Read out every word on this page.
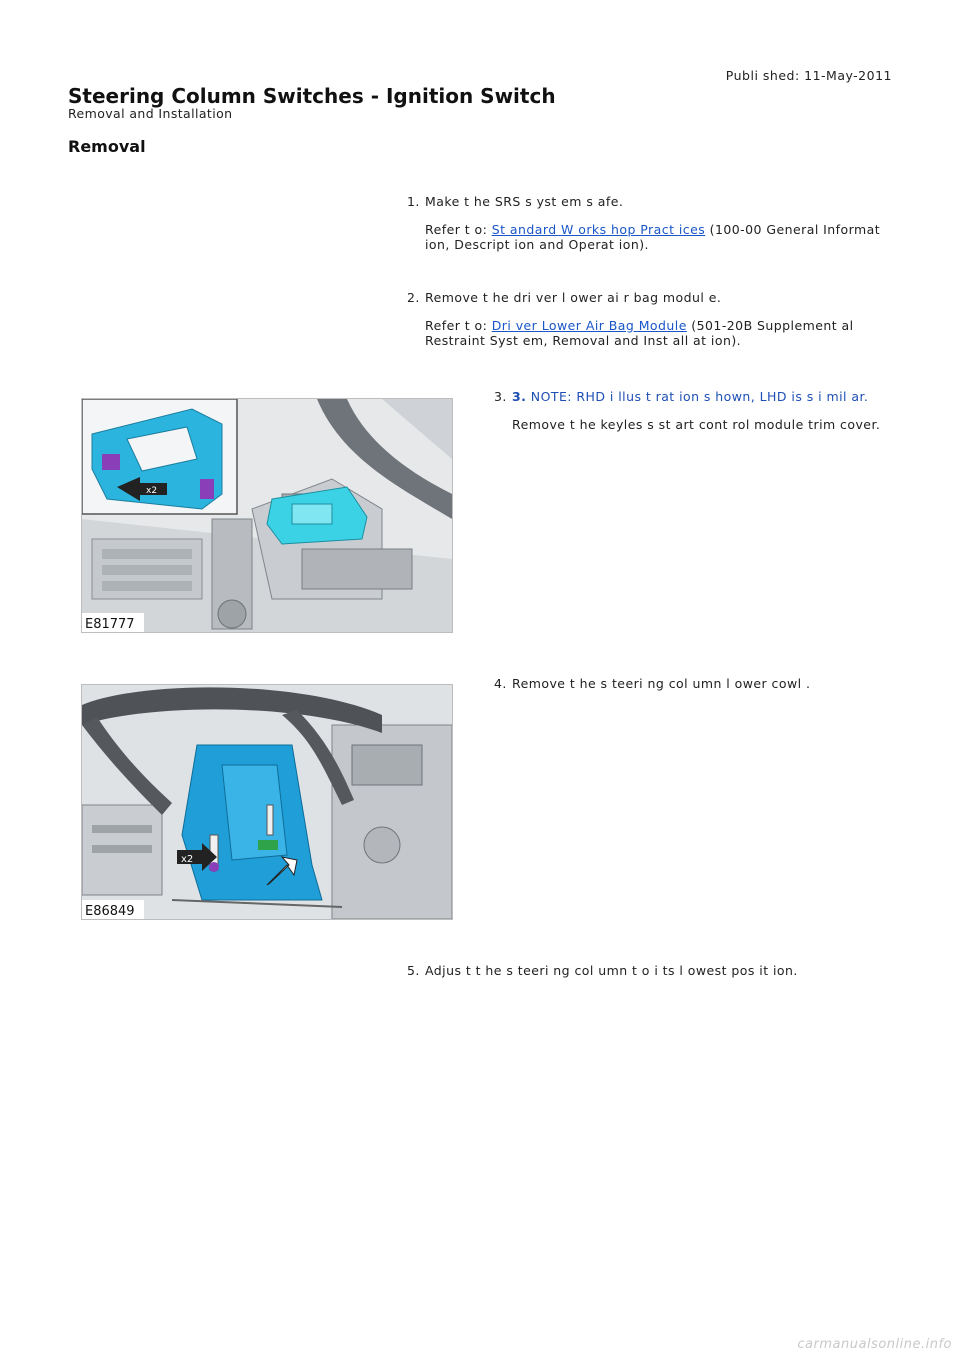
Publi shed: 11-May-2011
Steering Column Switches - Ignition Switch
Removal and Installation
Removal
1. Make t he SRS s yst em s afe.
Refer t o: St andard W orks hop Pract ices (100-00 General Informat ion, Descript ion and Operat ion).
2. Remove t he dri ver l ower ai r bag modul e.
Refer t o: Dri ver Lower Air Bag Module (501-20B Supplement al Restraint Syst em, Removal and Inst all at ion).
3. 3. NOTE: RHD i llus t rat ion s hown, LHD is s i mil ar.
Remove t he keyles s st art cont rol module trim cover.
x2
E81777
4. Remove t he s teeri ng col umn l ower cowl .
x2
E86849
5. Adjus t t he s teeri ng col umn t o i ts l owest pos it ion.
carmanualsonline.info
